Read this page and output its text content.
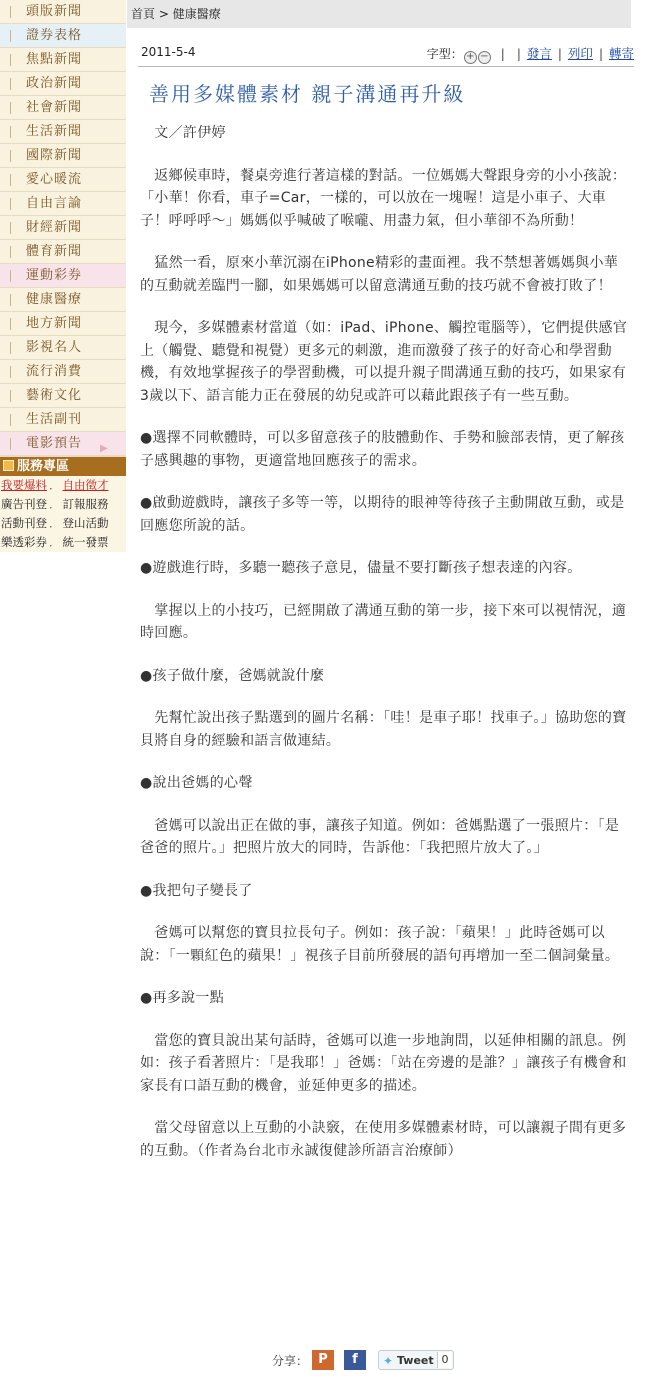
頭版新聞
證券表格
焦點新聞
政治新聞
社會新聞
生活新聞
國際新聞
愛心暖流
自由言論
財經新聞
體育新聞
運動彩券
健康醫療
地方新聞
影視名人
流行消費
藝術文化
生活副刊
電影預告 ▶
服務專區
我要爆料 ． 自由徵才
廣告刊登 ． 訂報服務
活動刊登 ． 登山活動
樂透彩券 ． 統一發票
首頁 > 健康醫療
2011-5-4	字型： + − | | 發言 | 列印 | 轉寄
善用多媒體素材 親子溝通再升級

　文／許伊婷

　返鄉候車時，餐桌旁進行著這樣的對話。一位媽媽大聲跟身旁的小小孩說：「小華！你看，車子=Car，一樣的，可以放在一塊喔！這是小車子、大車子！呼呼呼～」媽媽似乎喊破了喉嚨、用盡力氣，但小華卻不為所動！

　猛然一看，原來小華沉溺在iPhone精彩的畫面裡。我不禁想著媽媽與小華的互動就差臨門一腳，如果媽媽可以留意溝通互動的技巧就不會被打敗了！

　現今，多媒體素材當道（如：iPad、iPhone、觸控電腦等），它們提供感官上（觸覺、聽覺和視覺）更多元的刺激，進而激發了孩子的好奇心和學習動機，有效地掌握孩子的學習動機，可以提升親子間溝通互動的技巧，如果家有3歲以下、語言能力正在發展的幼兒或許可以藉此跟孩子有一些互動。

●選擇不同軟體時，可以多留意孩子的肢體動作、手勢和臉部表情，更了解孩子感興趣的事物，更適當地回應孩子的需求。

●啟動遊戲時，讓孩子多等一等，以期待的眼神等待孩子主動開啟互動，或是回應您所說的話。

●遊戲進行時，多聽一聽孩子意見，儘量不要打斷孩子想表達的內容。

　掌握以上的小技巧，已經開啟了溝通互動的第一步，接下來可以視情況，適時回應。

●孩子做什麼，爸媽就說什麼

　先幫忙說出孩子點選到的圖片名稱：「哇！是車子耶！找車子。」協助您的寶貝將自身的經驗和語言做連結。

●說出爸媽的心聲

　爸媽可以說出正在做的事，讓孩子知道。例如：爸媽點選了一張照片：「是爸爸的照片。」把照片放大的同時，告訴他：「我把照片放大了。」

●我把句子變長了

　爸媽可以幫您的寶貝拉長句子。例如：孩子說：「蘋果！」此時爸媽可以說：「一顆紅色的蘋果！」視孩子目前所發展的語句再增加一至二個詞彙量。

●再多說一點

　當您的寶貝說出某句話時，爸媽可以進一步地詢問，以延伸相關的訊息。例如：孩子看著照片：「是我耶！」爸媽：「站在旁邊的是誰？」讓孩子有機會和家長有口語互動的機會，並延伸更多的描述。

　當父母留意以上互動的小訣竅，在使用多媒體素材時，可以讓親子間有更多的互動。（作者為台北市永誠復健診所語言治療師）

分享： P	f	✦ Tweet 0
